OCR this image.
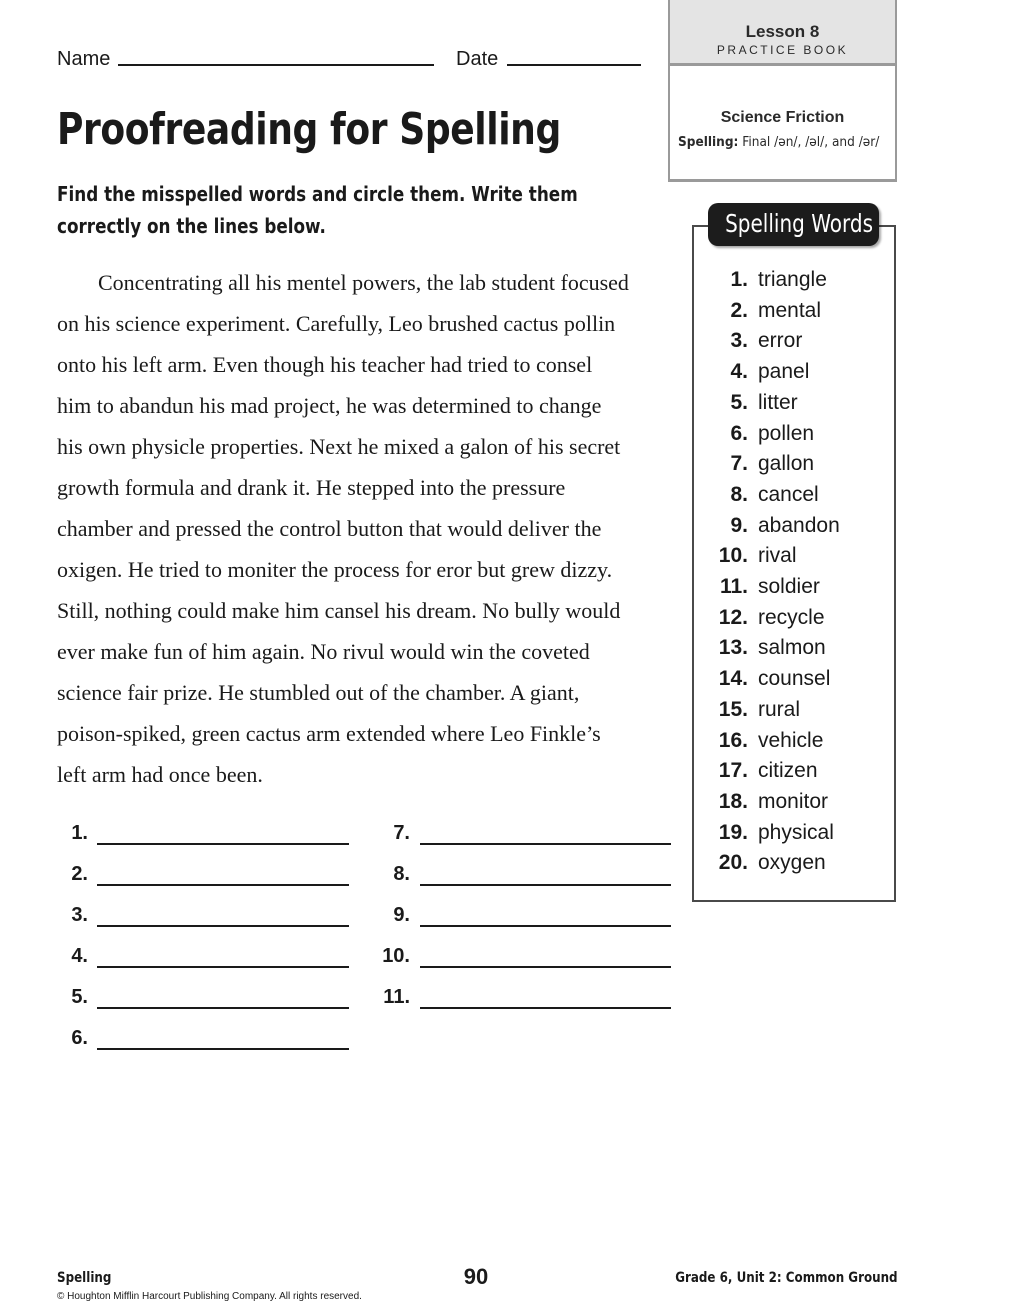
Name	Date
Lesson 8
PRACTICE BOOK
Science Friction
Spelling: Final /ən/, /əl/, and /ər/
Proofreading for Spelling
Find the misspelled words and circle them. Write them correctly on the lines below.
Concentrating all his mentel powers, the lab student focused
on his science experiment. Carefully, Leo brushed cactus pollin
onto his left arm. Even though his teacher had tried to consel
him to abandun his mad project, he was determined to change
his own physicle properties. Next he mixed a galon of his secret
growth formula and drank it. He stepped into the pressure
chamber and pressed the control button that would deliver the
oxigen. He tried to moniter the process for eror but grew dizzy.
Still, nothing could make him cansel his dream. No bully would
ever make fun of him again. No rivul would win the coveted
science fair prize. He stumbled out of the chamber. A giant,
poison-spiked, green cactus arm extended where Leo Finkle’s
left arm had once been.
1.
2.
3.
4.
5.
6.
7.
8.
9.
10.
11.
Spelling Words
1. triangle
2. mental
3. error
4. panel
5. litter
6. pollen
7. gallon
8. cancel
9. abandon
10. rival
11. soldier
12. recycle
13. salmon
14. counsel
15. rural
16. vehicle
17. citizen
18. monitor
19. physical
20. oxygen
Spelling	90	Grade 6, Unit 2: Common Ground
© Houghton Mifflin Harcourt Publishing Company. All rights reserved.
